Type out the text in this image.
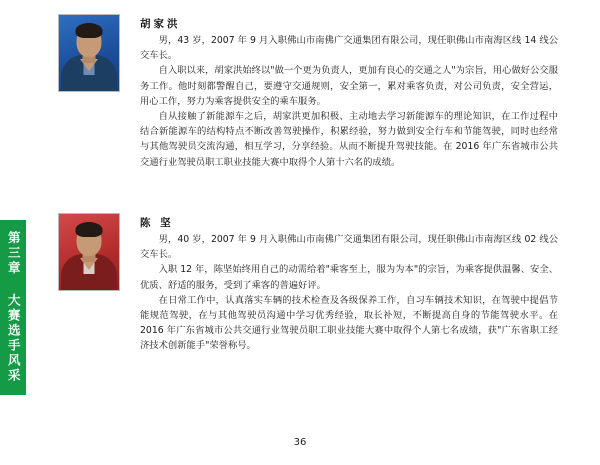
第三章 大赛选手风采
胡家洪

男，43 岁，2007 年 9 月入职佛山市南佛广交通集团有限公司，现任职佛山市南海区线 14 线公交车长。

自入职以来，胡家洪始终以"做一个更为负责人，更加有良心的交通之人"为宗旨，用心做好公交服务工作。他时刻都警醒自己，要遵守交通规则，安全第一，累对乘客负责，对公司负责，安全营运，用心工作，努力为乘客提供安全的乘车服务。

自从接触了新能源车之后，胡家洪更加积极、主动地去学习新能源车的理论知识，在工作过程中结合新能源车的结构特点不断改善驾驶操作，积累经验，努力做到安全行车和节能驾驶，同时也经常与其他驾驶员交流沟通，相互学习，分享经验。从而不断提升驾驶技能。在 2016 年广东省城市公共交通行业驾驶员职工职业技能大赛中取得个人第十六名的成绩。

陈 坚

男，40 岁，2007 年 9 月入职佛山市南佛广交通集团有限公司，现任职佛山市南海区线 02 线公交车长。

入职 12 年，陈坚始终用自己的动需给着"乘客至上，服为为本"的宗旨，为乘客提供温馨、安全、优质、舒适的服务，受到了乘客的普遍好评。

在日常工作中，认真落实车辆的技术检查及各级保养工作，自习车辆技术知识，在驾驶中提倡节能规范驾驶，在与其他驾驶员沟通中学习优秀经验，取长补短，不断提高自身的节能驾驶水平。在 2016 年广东省城市公共交通行业驾驶员职工职业技能大赛中取得个人第七名成绩，获"广东省职工经济技术创新能手"荣誉称号。

36
